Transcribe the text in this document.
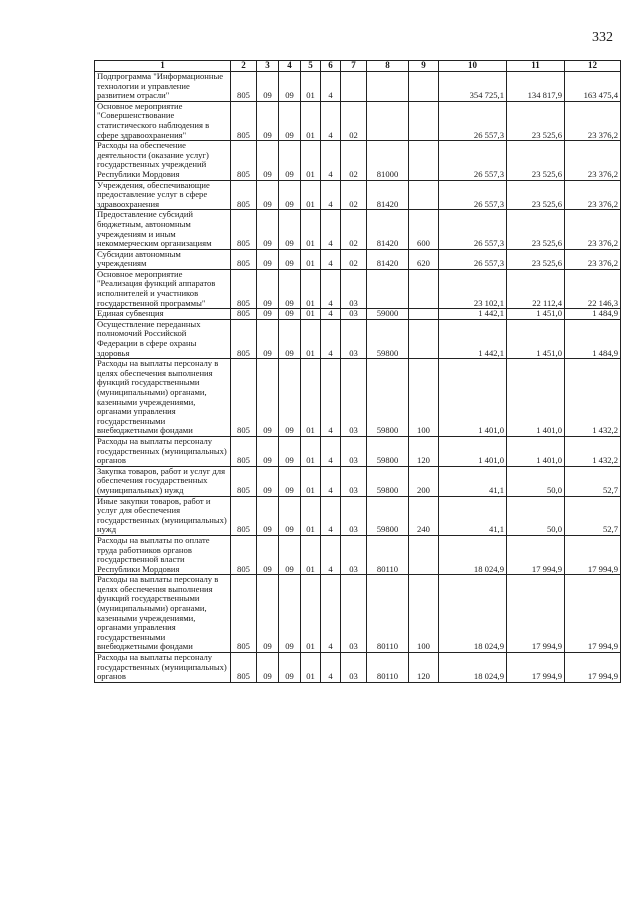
332
1	2	3	4	5	6	7	8	9	10	11	12
Подпрограмма "Информационные технологии и управление развитием отрасли"	805	09	09	01	4				354 725,1	134 817,9	163 475,4
Основное мероприятие "Совершенствование статистического наблюдения в сфере здравоохранения"	805	09	09	01	4	02			26 557,3	23 525,6	23 376,2
Расходы на обеспечение деятельности (оказание услуг) государственных учреждений Республики Мордовия	805	09	09	01	4	02	81000		26 557,3	23 525,6	23 376,2
Учреждения, обеспечивающие предоставление услуг в сфере здравоохранения	805	09	09	01	4	02	81420		26 557,3	23 525,6	23 376,2
Предоставление субсидий бюджетным, автономным учреждениям и иным некоммерческим организациям	805	09	09	01	4	02	81420	600	26 557,3	23 525,6	23 376,2
Субсидии автономным учреждениям	805	09	09	01	4	02	81420	620	26 557,3	23 525,6	23 376,2
Основное мероприятие "Реализация функций аппаратов исполнителей и участников государственной программы"	805	09	09	01	4	03			23 102,1	22 112,4	22 146,3
Единая субвенция	805	09	09	01	4	03	59000		1 442,1	1 451,0	1 484,9
Осуществление переданных полномочий Российской Федерации в сфере охраны здоровья	805	09	09	01	4	03	59800		1 442,1	1 451,0	1 484,9
Расходы на выплаты персоналу в целях обеспечения выполнения функций государственными (муниципальными) органами, казенными учреждениями, органами управления государственными внебюджетными фондами	805	09	09	01	4	03	59800	100	1 401,0	1 401,0	1 432,2
Расходы на выплаты персоналу государственных (муниципальных) органов	805	09	09	01	4	03	59800	120	1 401,0	1 401,0	1 432,2
Закупка товаров, работ и услуг для обеспечения государственных (муниципальных) нужд	805	09	09	01	4	03	59800	200	41,1	50,0	52,7
Иные закупки товаров, работ и услуг для обеспечения государственных (муниципальных) нужд	805	09	09	01	4	03	59800	240	41,1	50,0	52,7
Расходы на выплаты по оплате труда работников органов государственной власти Республики Мордовия	805	09	09	01	4	03	80110		18 024,9	17 994,9	17 994,9
Расходы на выплаты персоналу в целях обеспечения выполнения функций государственными (муниципальными) органами, казенными учреждениями, органами управления государственными внебюджетными фондами	805	09	09	01	4	03	80110	100	18 024,9	17 994,9	17 994,9
Расходы на выплаты персоналу государственных (муниципальных) органов	805	09	09	01	4	03	80110	120	18 024,9	17 994,9	17 994,9
